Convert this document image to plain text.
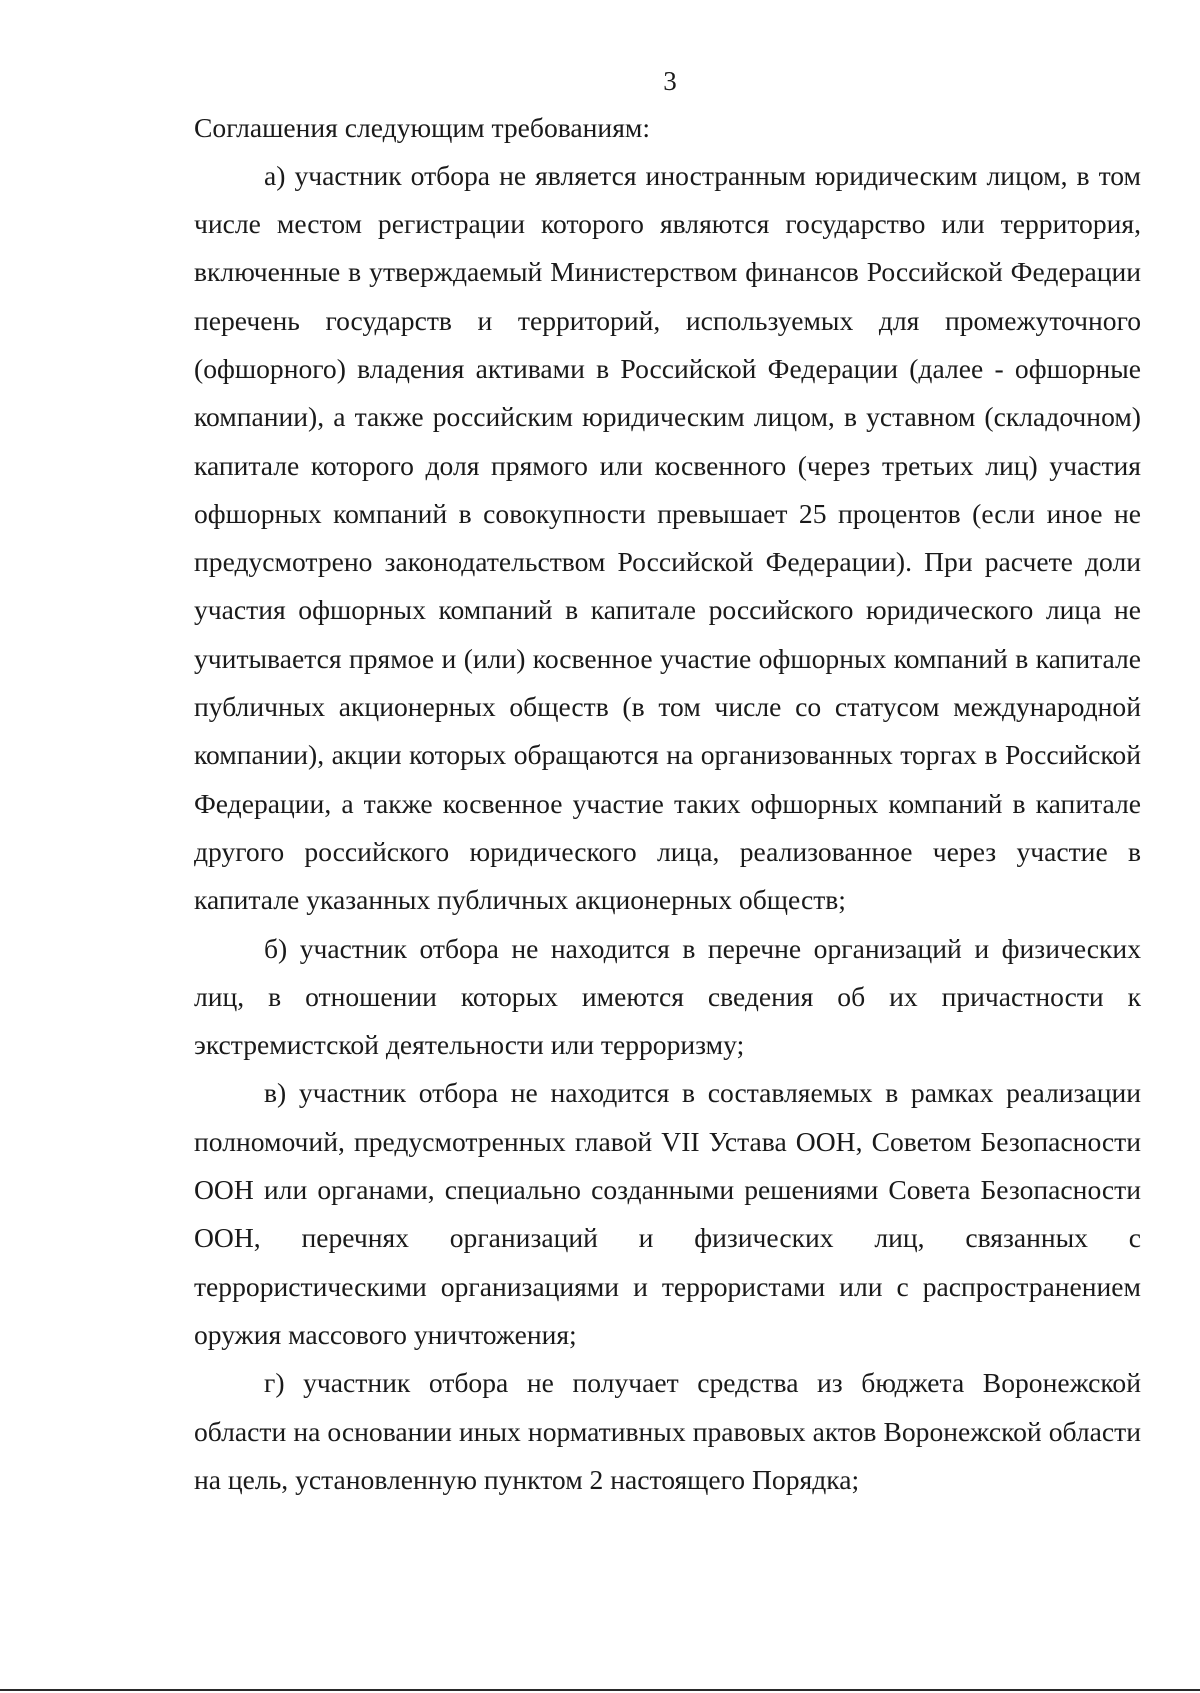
3

Соглашения следующим требованиям:

а) участник отбора не является иностранным юридическим лицом, в том числе местом регистрации которого являются государство или территория, включенные в утверждаемый Министерством финансов Российской Федерации перечень государств и территорий, используемых для промежуточного (офшорного) владения активами в Российской Федерации (далее - офшорные компании), а также российским юридическим лицом, в уставном (складочном) капитале которого доля прямого или косвенного (через третьих лиц) участия офшорных компаний в совокупности превышает 25 процентов (если иное не предусмотрено законодательством Российской Федерации). При расчете доли участия офшорных компаний в капитале российского юридического лица не учитывается прямое и (или) косвенное участие офшорных компаний в капитале публичных акционерных обществ (в том числе со статусом международной компании), акции которых обращаются на организованных торгах в Российской Федерации, а также косвенное участие таких офшорных компаний в капитале другого российского юридического лица, реализованное через участие в капитале указанных публичных акционерных обществ;

б) участник отбора не находится в перечне организаций и физических лиц, в отношении которых имеются сведения об их причастности к экстремистской деятельности или терроризму;

в) участник отбора не находится в составляемых в рамках реализации полномочий, предусмотренных главой VII Устава ООН, Советом Безопасности ООН или органами, специально созданными решениями Совета Безопасности ООН, перечнях организаций и физических лиц, связанных с террористическими организациями и террористами или с распространением оружия массового уничтожения;

г) участник отбора не получает средства из бюджета Воронежской области на основании иных нормативных правовых актов Воронежской области на цель, установленную пунктом 2 настоящего Порядка;
